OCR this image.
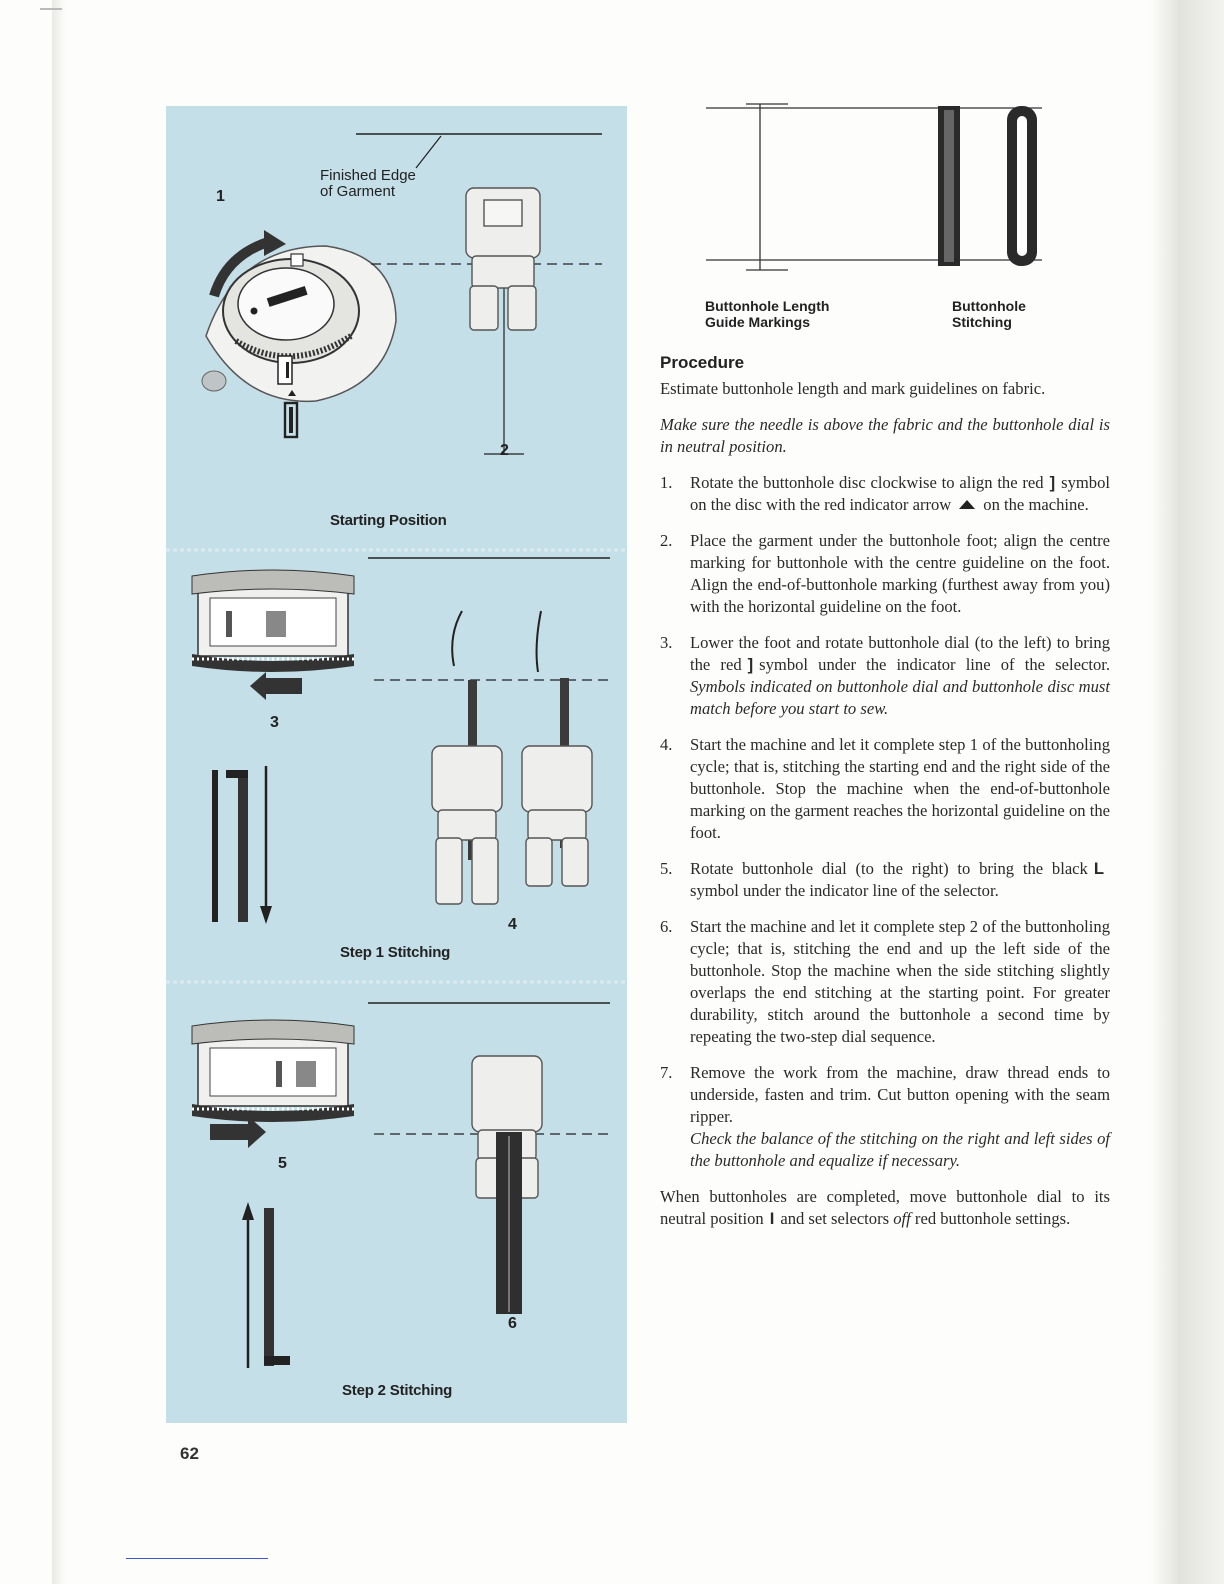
Finished Edge
of Garment
1
2
Starting Position
3
4
Step 1 Stitching
5
6
Step 2 Stitching
62
Buttonhole Length
Guide Markings
Buttonhole
Stitching
Procedure

Estimate buttonhole length and mark guidelines on fabric.

Make sure the needle is above the fabric and the buttonhole dial is in neutral position.

1. Rotate the buttonhole disc clockwise to align the red ] symbol on the disc with the red indicator arrow on the machine.
2. Place the garment under the buttonhole foot; align the centre marking for buttonhole with the centre guideline on the foot. Align the end-of-buttonhole marking (furthest away from you) with the horizontal guideline on the foot.
3. Lower the foot and rotate buttonhole dial (to the left) to bring the red ] symbol under the indicator line of the selector. Symbols indicated on buttonhole dial and buttonhole disc must match before you start to sew.
4. Start the machine and let it complete step 1 of the buttonholing cycle; that is, stitching the starting end and the right side of the buttonhole. Stop the machine when the end-of-buttonhole marking on the garment reaches the horizontal guideline on the foot.
5. Rotate buttonhole dial (to the right) to bring the black Lsymbol under the indicator line of the selector.
6. Start the machine and let it complete step 2 of the buttonholing cycle; that is, stitching the end and up the left side of the buttonhole. Stop the machine when the side stitching slightly overlaps the end stitching at the starting point. For greater durability, stitch around the buttonhole a second time by repeating the two-step dial sequence.
7. Remove the work from the machine, draw thread ends to underside, fasten and trim. Cut button opening with the seam ripper.
Check the balance of the stitching on the right and left sides of the buttonhole and equalize if necessary.

When buttonholes are completed, move buttonhole dial to its neutral position I and set selectors off red buttonhole settings.
